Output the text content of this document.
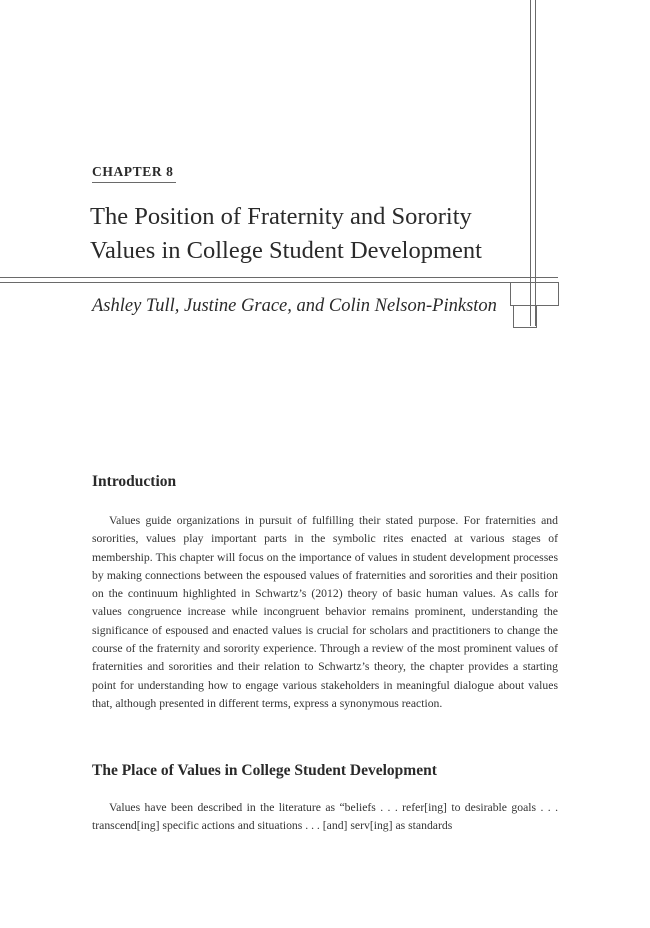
CHAPTER 8
The Position of Fraternity and Sorority Values in College Student Development
Ashley Tull, Justine Grace, and Colin Nelson-Pinkston
Introduction

Values guide organizations in pursuit of fulfilling their stated purpose. For fraternities and sororities, values play important parts in the symbolic rites enacted at various stages of membership. This chapter will focus on the importance of values in student development processes by making connections between the espoused values of fraternities and sororities and their position on the continuum highlighted in Schwartz’s (2012) theory of basic human values. As calls for values congruence increase while incongruent behavior remains prominent, understanding the significance of espoused and enacted values is crucial for scholars and practitioners to change the course of the fraternity and sorority experience. Through a review of the most prominent values of fraternities and sororities and their relation to Schwartz’s theory, the chapter provides a starting point for understanding how to engage various stakeholders in meaningful dialogue about values that, although presented in different terms, express a synonymous reaction.

The Place of Values in College Student Development

Values have been described in the literature as “beliefs . . . refer[ing] to desirable goals . . . transcend[ing] specific actions and situations . . . [and] serv[ing] as standards
